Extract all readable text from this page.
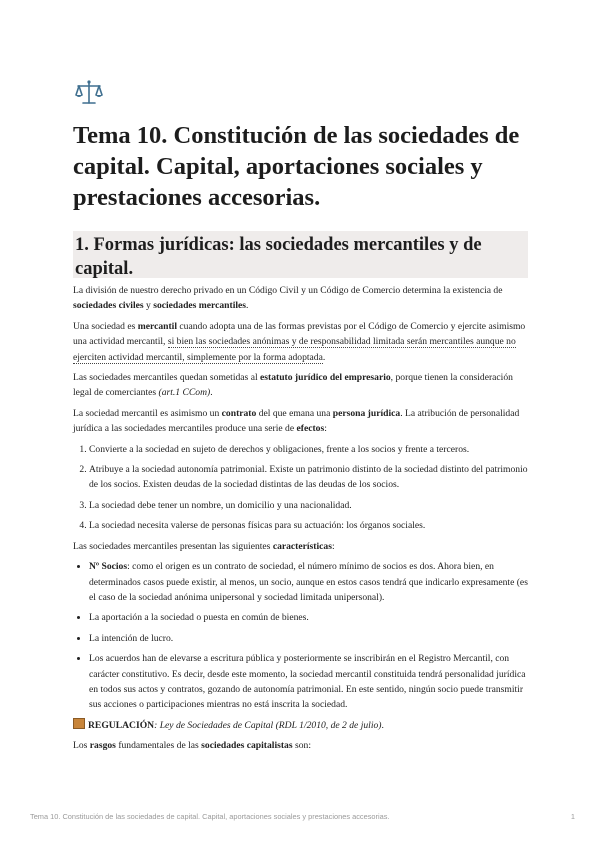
Tema 10. Constitución de las sociedades de capital. Capital, aportaciones sociales y prestaciones accesorias.
1. Formas jurídicas: las sociedades mercantiles y de capital.

La división de nuestro derecho privado en un Código Civil y un Código de Comercio determina la existencia de sociedades civiles y sociedades mercantiles.

Una sociedad es mercantil cuando adopta una de las formas previstas por el Código de Comercio y ejercite asimismo una actividad mercantil, si bien las sociedades anónimas y de responsabilidad limitada serán mercantiles aunque no ejerciten actividad mercantil, simplemente por la forma adoptada.

Las sociedades mercantiles quedan sometidas al estatuto jurídico del empresario, porque tienen la consideración legal de comerciantes (art.1 CCom).

La sociedad mercantil es asimismo un contrato del que emana una persona jurídica. La atribución de personalidad jurídica a las sociedades mercantiles produce una serie de efectos:

1. Convierte a la sociedad en sujeto de derechos y obligaciones, frente a los socios y frente a terceros.
2. Atribuye a la sociedad autonomía patrimonial. Existe un patrimonio distinto de la sociedad distinto del patrimonio de los socios. Existen deudas de la sociedad distintas de las deudas de los socios.
3. La sociedad debe tener un nombre, un domicilio y una nacionalidad.
4. La sociedad necesita valerse de personas físicas para su actuación: los órganos sociales.

Las sociedades mercantiles presentan las siguientes características:

• Nº Socios: como el origen es un contrato de sociedad, el número mínimo de socios es dos. Ahora bien, en determinados casos puede existir, al menos, un socio, aunque en estos casos tendrá que indicarlo expresamente (es el caso de la sociedad anónima unipersonal y sociedad limitada unipersonal).
• La aportación a la sociedad o puesta en común de bienes.
• La intención de lucro.
• Los acuerdos han de elevarse a escritura pública y posteriormente se inscribirán en el Registro Mercantil, con carácter constitutivo. Es decir, desde este momento, la sociedad mercantil constituida tendrá personalidad jurídica en todos sus actos y contratos, gozando de autonomía patrimonial. En este sentido, ningún socio puede transmitir sus acciones o participaciones mientras no está inscrita la sociedad.

REGULACIÓN: Ley de Sociedades de Capital (RDL 1/2010, de 2 de julio).

Los rasgos fundamentales de las sociedades capitalistas son:

Tema 10. Constitución de las sociedades de capital. Capital, aportaciones sociales y prestaciones accesorias.	1
